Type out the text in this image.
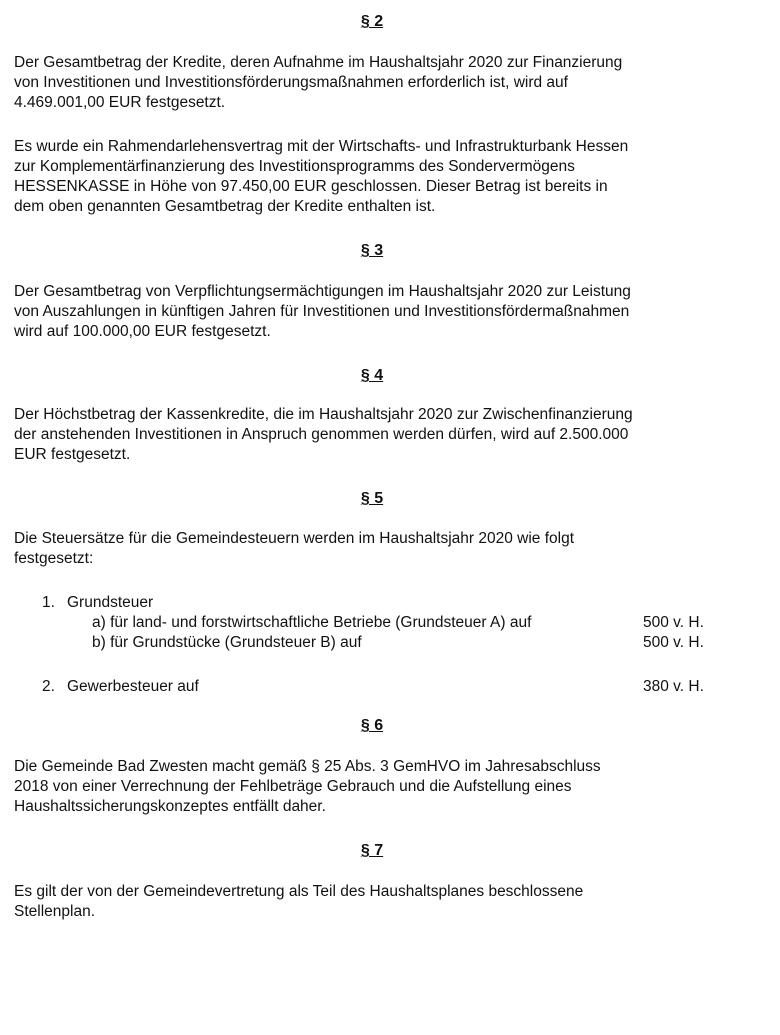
§ 2
Der Gesamtbetrag der Kredite, deren Aufnahme im Haushaltsjahr 2020 zur Finanzierung
von Investitionen und Investitionsförderungsmaßnahmen erforderlich ist, wird auf
4.469.001,00 EUR festgesetzt.
Es wurde ein Rahmendarlehensvertrag mit der Wirtschafts- und Infrastrukturbank Hessen
zur Komplementärfinanzierung des Investitionsprogramms des Sondervermögens
HESSENKASSE in Höhe von 97.450,00 EUR geschlossen. Dieser Betrag ist bereits in
dem oben genannten Gesamtbetrag der Kredite enthalten ist.
§ 3
Der Gesamtbetrag von Verpflichtungsermächtigungen im Haushaltsjahr 2020 zur Leistung
von Auszahlungen in künftigen Jahren für Investitionen und Investitionsfördermaßnahmen
wird auf 100.000,00 EUR festgesetzt.
§ 4
Der Höchstbetrag der Kassenkredite, die im Haushaltsjahr 2020 zur Zwischenfinanzierung
der anstehenden Investitionen in Anspruch genommen werden dürfen, wird auf 2.500.000
EUR festgesetzt.
§ 5
Die Steuersätze für die Gemeindesteuern werden im Haushaltsjahr 2020 wie folgt
festgesetzt:
1. Grundsteuer
a) für land- und forstwirtschaftliche Betriebe (Grundsteuer A) auf	500 v. H.
b) für Grundstücke (Grundsteuer B) auf	500 v. H.
2. Gewerbesteuer auf	380 v. H.
§ 6
Die Gemeinde Bad Zwesten macht gemäß § 25 Abs. 3 GemHVO im Jahresabschluss
2018 von einer Verrechnung der Fehlbeträge Gebrauch und die Aufstellung eines
Haushaltssicherungskonzeptes entfällt daher.
§ 7
Es gilt der von der Gemeindevertretung als Teil des Haushaltsplanes beschlossene
Stellenplan.
